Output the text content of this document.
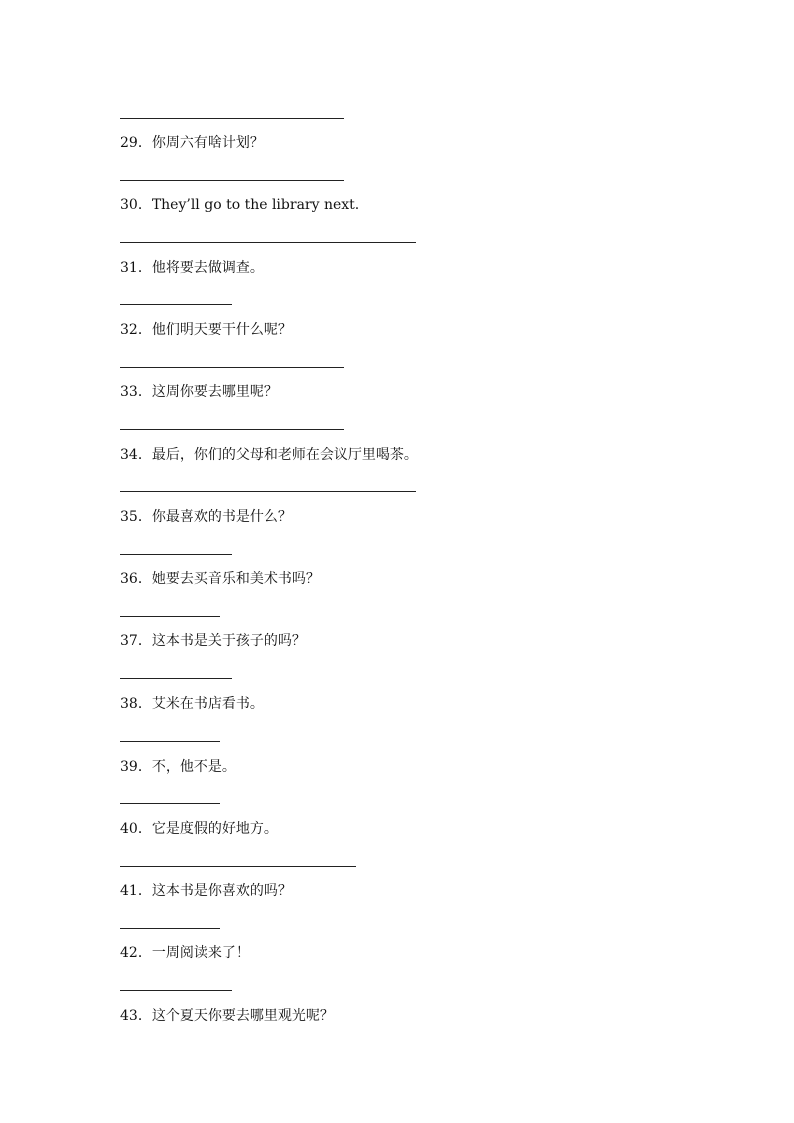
29．你周六有啥计划？
30．They’ll go to the library next.
31．他将要去做调查。
32．他们明天要干什么呢？
33．这周你要去哪里呢？
34．最后，你们的父母和老师在会议厅里喝茶。
35．你最喜欢的书是什么？
36．她要去买音乐和美术书吗？
37．这本书是关于孩子的吗？
38．艾米在书店看书。
39．不，他不是。
40．它是度假的好地方。
41．这本书是你喜欢的吗？
42．一周阅读来了！
43．这个夏天你要去哪里观光呢？
